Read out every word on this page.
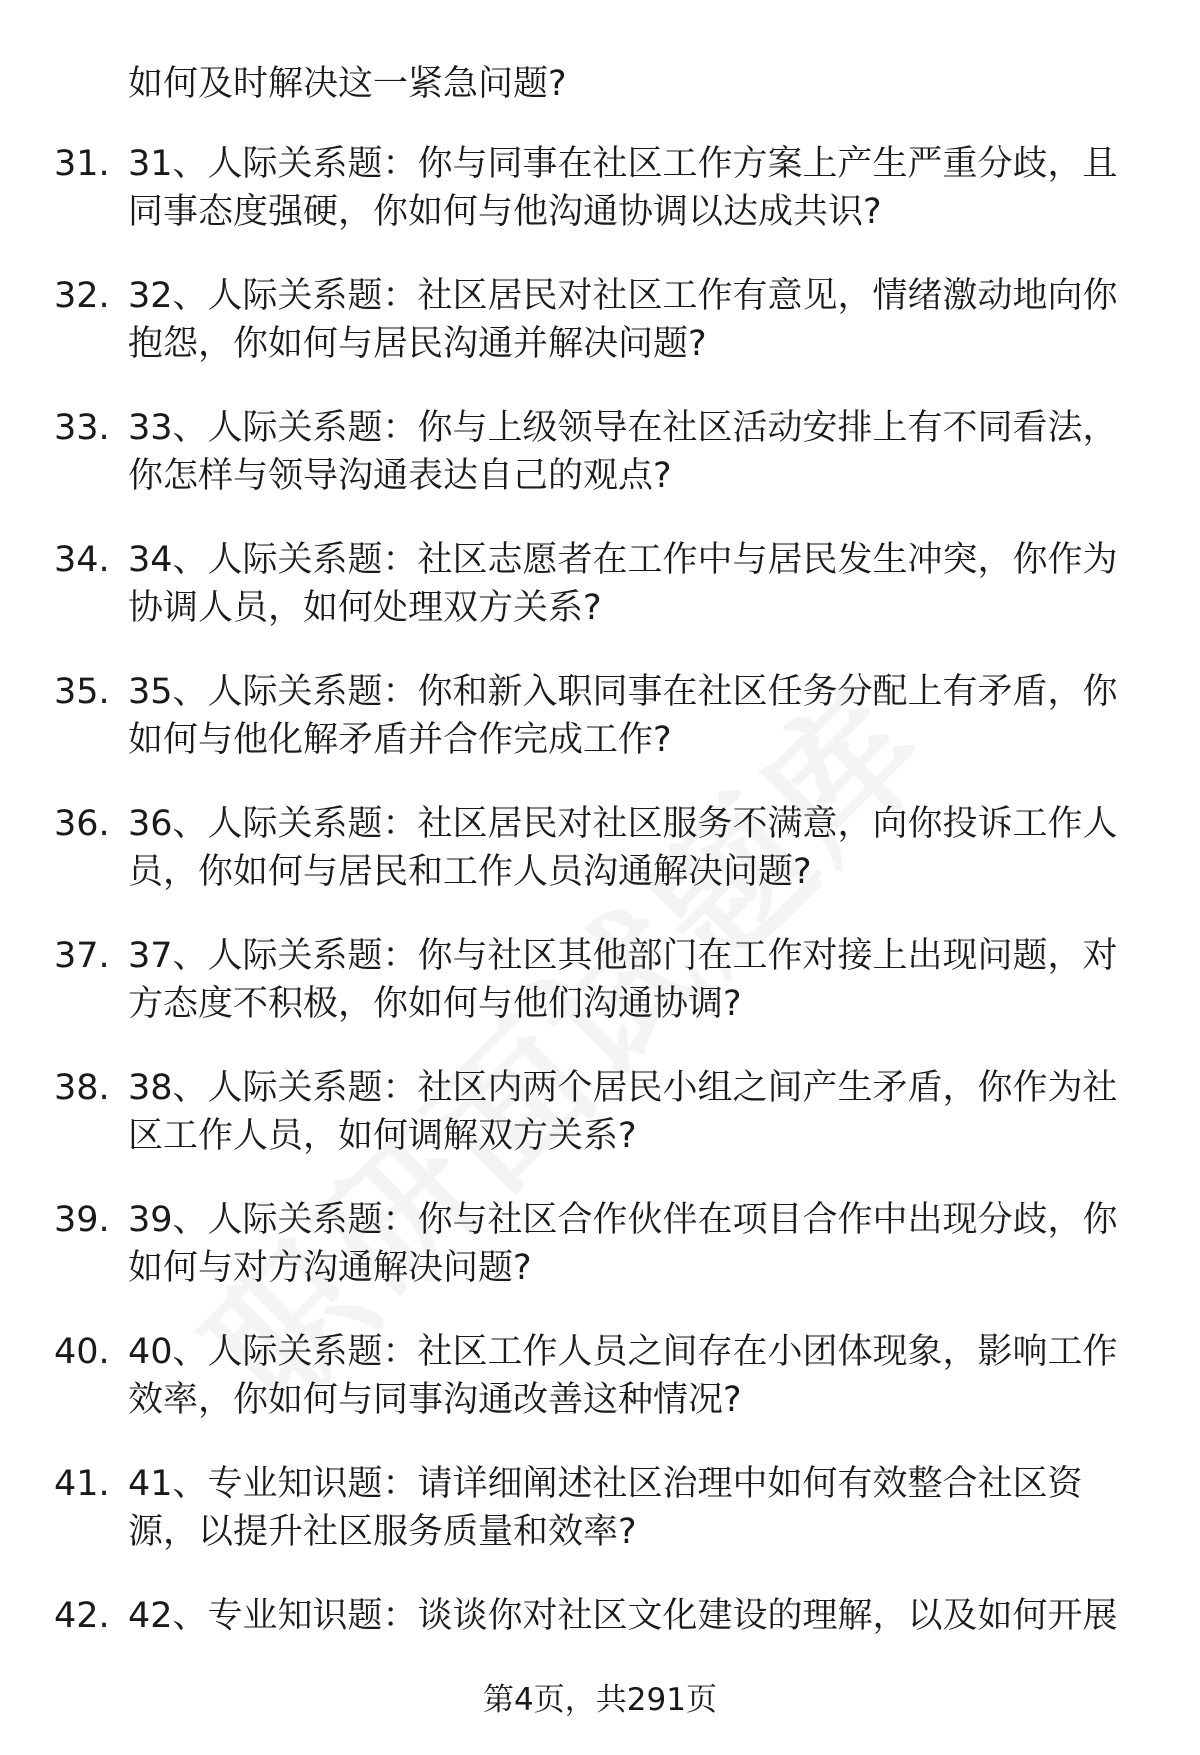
如何及时解决这一紧急问题?
31. 31、人际关系题：你与同事在社区工作方案上产生严重分歧，且
同事态度强硬，你如何与他沟通协调以达成共识?
32. 32、人际关系题：社区居民对社区工作有意见，情绪激动地向你
抱怨，你如何与居民沟通并解决问题?
33. 33、人际关系题：你与上级领导在社区活动安排上有不同看法，
你怎样与领导沟通表达自己的观点?
34. 34、人际关系题：社区志愿者在工作中与居民发生冲突，你作为
协调人员，如何处理双方关系?
35. 35、人际关系题：你和新入职同事在社区任务分配上有矛盾，你
如何与他化解矛盾并合作完成工作?
36. 36、人际关系题：社区居民对社区服务不满意，向你投诉工作人
员，你如何与居民和工作人员沟通解决问题?
37. 37、人际关系题：你与社区其他部门在工作对接上出现问题，对
方态度不积极，你如何与他们沟通协调?
38. 38、人际关系题：社区内两个居民小组之间产生矛盾，你作为社
区工作人员，如何调解双方关系?
39. 39、人际关系题：你与社区合作伙伴在项目合作中出现分歧，你
如何与对方沟通解决问题?
40. 40、人际关系题：社区工作人员之间存在小团体现象，影响工作
效率，你如何与同事沟通改善这种情况?
41. 41、专业知识题：请详细阐述社区治理中如何有效整合社区资
源，以提升社区服务质量和效率?
42. 42、专业知识题：谈谈你对社区文化建设的理解，以及如何开展
第4页，共291页
